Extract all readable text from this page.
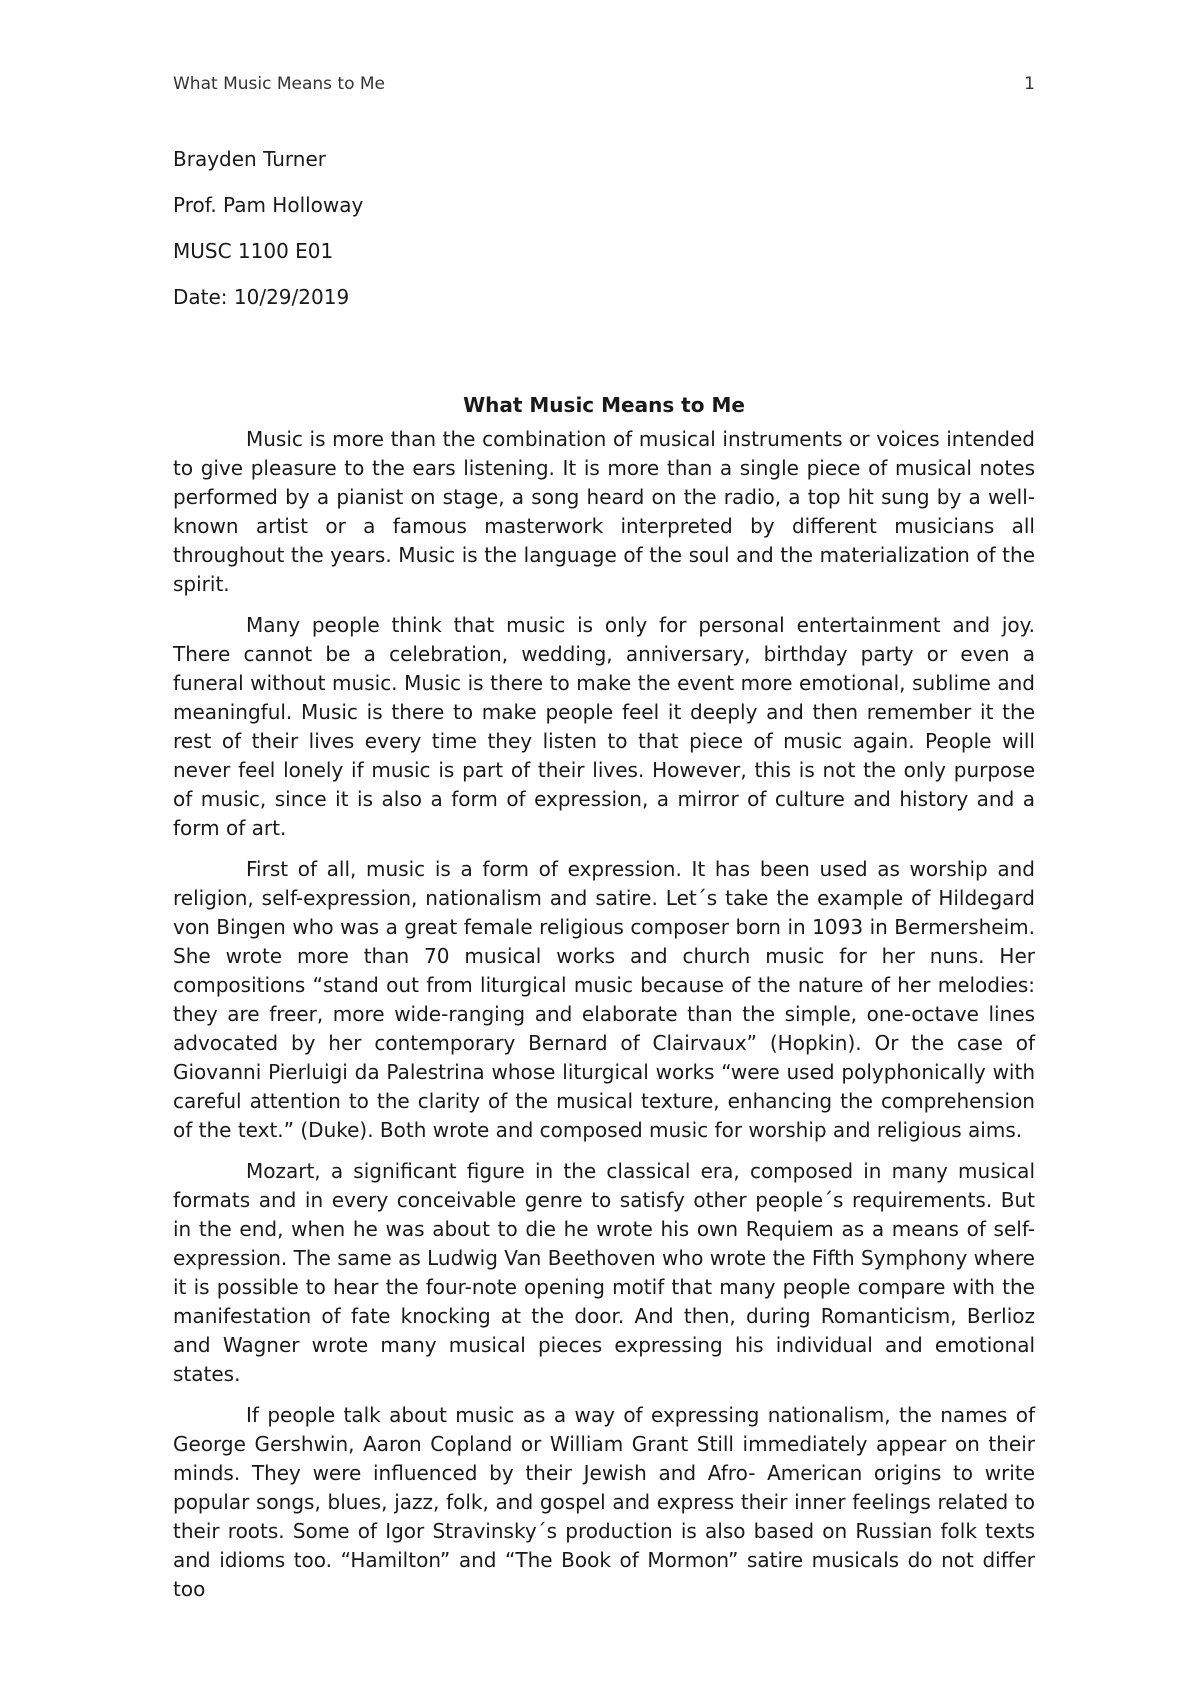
What Music Means to Me	1
Brayden Turner
Prof. Pam Holloway
MUSC 1100 E01
Date: 10/29/2019
What Music Means to Me

Music is more than the combination of musical instruments or voices intended to give pleasure to the ears listening. It is more than a single piece of musical notes performed by a pianist on stage, a song heard on the radio, a top hit sung by a well-known artist or a famous masterwork interpreted by different musicians all throughout the years. Music is the language of the soul and the materialization of the spirit.

Many people think that music is only for personal entertainment and joy. There cannot be a celebration, wedding, anniversary, birthday party or even a funeral without music. Music is there to make the event more emotional, sublime and meaningful. Music is there to make people feel it deeply and then remember it the rest of their lives every time they listen to that piece of music again. People will never feel lonely if music is part of their lives. However, this is not the only purpose of music, since it is also a form of expression, a mirror of culture and history and a form of art.

First of all, music is a form of expression. It has been used as worship and religion, self-expression, nationalism and satire. Let´s take the example of Hildegard von Bingen who was a great female religious composer born in 1093 in Bermersheim. She wrote more than 70 musical works and church music for her nuns. Her compositions “stand out from liturgical music because of the nature of her melodies: they are freer, more wide-ranging and elaborate than the simple, one-octave lines advocated by her contemporary Bernard of Clairvaux” (Hopkin). Or the case of Giovanni Pierluigi da Palestrina whose liturgical works “were used polyphonically with careful attention to the clarity of the musical texture, enhancing the comprehension of the text.” (Duke). Both wrote and composed music for worship and religious aims.

Mozart, a significant figure in the classical era, composed in many musical formats and in every conceivable genre to satisfy other people´s requirements. But in the end, when he was about to die he wrote his own Requiem as a means of self-expression. The same as Ludwig Van Beethoven who wrote the Fifth Symphony where it is possible to hear the four-note opening motif that many people compare with the manifestation of fate knocking at the door. And then, during Romanticism, Berlioz and Wagner wrote many musical pieces expressing his individual and emotional states.

If people talk about music as a way of expressing nationalism, the names of George Gershwin, Aaron Copland or William Grant Still immediately appear on their minds. They were influenced by their Jewish and Afro- American origins to write popular songs, blues, jazz, folk, and gospel and express their inner feelings related to their roots. Some of Igor Stravinsky´s production is also based on Russian folk texts and idioms too. “Hamilton” and “The Book of Mormon” satire musicals do not differ too
